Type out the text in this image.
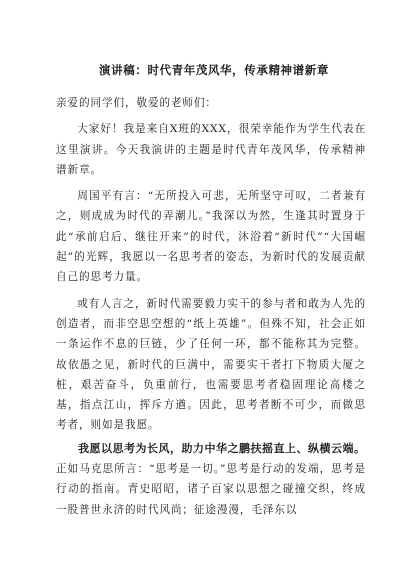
演讲稿：时代青年茂风华，传承精神谱新章

亲爱的同学们，敬爱的老师们：

大家好！我是来自X班的XXX，很荣幸能作为学生代表在这里演讲。今天我演讲的主题是时代青年茂风华，传承精神谱新章。

周国平有言：“无所投入可悲，无所坚守可叹，二者兼有之，则成成为时代的弄潮儿。”我深以为然，生逢其时置身于此“承前启后、继往开来”的时代，沐浴着“新时代”“大国崛起”的光辉，我愿以一名思考者的姿态，为新时代的发展贡献自己的思考力量。

或有人言之，新时代需要毅力实干的参与者和敢为人先的创造者，而非空思空想的“纸上英雄”。但殊不知，社会正如一条运作不息的巨链，少了任何一环，都不能称其为完整。故依愚之见，新时代的巨满中，需要实干者打下物质大厦之桩，艰苦奋斗，负重前行，也需要思考者稳固理论高楼之基，指点江山，挥斥方遒。因此，思考者断不可少，而做思考者，则如是我愿。

我愿以思考为长风，助力中华之鹏扶摇直上、纵横云端。

正如马克思所言：“思考是一切。”思考是行动的发端，思考是行动的指南。青史昭昭，诸子百家以思想之碰撞交织，终成一股普世永济的时代风尚；征途漫漫，毛泽东以
